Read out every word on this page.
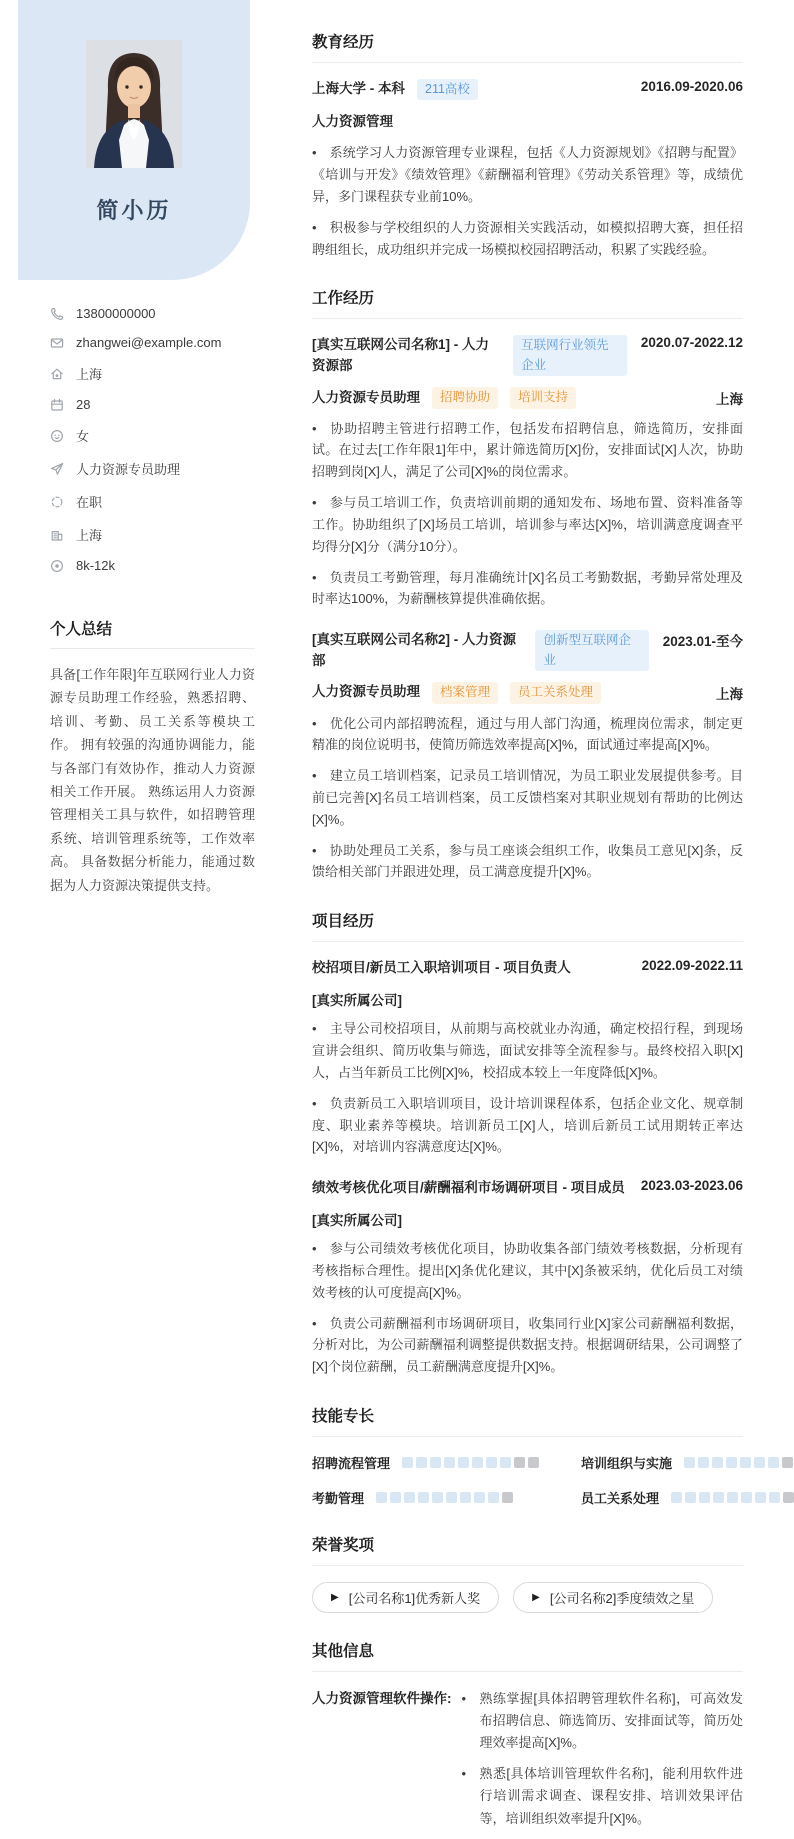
简小历
13800000000
zhangwei@example.com
上海
28
女
人力资源专员助理
在职
上海
8k-12k
个人总结

具备[工作年限]年互联网行业人力资源专员助理工作经验，熟悉招聘、培训、考勤、员工关系等模块工作。 拥有较强的沟通协调能力，能与各部门有效协作，推动人力资源相关工作开展。 熟练运用人力资源管理相关工具与软件，如招聘管理系统、培训管理系统等，工作效率高。 具备数据分析能力，能通过数据为人力资源决策提供支持。

教育经历
上海大学 - 本科	211高校	2016.09-2020.06
人力资源管理

• 系统学习人力资源管理专业课程，包括《人力资源规划》《招聘与配置》《培训与开发》《绩效管理》《薪酬福利管理》《劳动关系管理》等，成绩优异，多门课程获专业前10%。

• 积极参与学校组织的人力资源相关实践活动，如模拟招聘大赛，担任招聘组组长，成功组织并完成一场模拟校园招聘活动，积累了实践经验。

工作经历
[真实互联网公司名称1] - 人力资源部
互联网行业领先企业
2020.07-2022.12
人力资源专员助理	招聘协助	培训支持	上海

• 协助招聘主管进行招聘工作，包括发布招聘信息，筛选简历，安排面试。在过去[工作年限1]年中，累计筛选简历[X]份，安排面试[X]人次，协助招聘到岗[X]人，满足了公司[X]%的岗位需求。

• 参与员工培训工作，负责培训前期的通知发布、场地布置、资料准备等工作。协助组织了[X]场员工培训，培训参与率达[X]%，培训满意度调查平均得分[X]分（满分10分）。

• 负责员工考勤管理，每月准确统计[X]名员工考勤数据，考勤异常处理及时率达100%，为薪酬核算提供准确依据。

[真实互联网公司名称2] - 人力资源部
创新型互联网企业
2023.01-至今
人力资源专员助理	档案管理	员工关系处理	上海

• 优化公司内部招聘流程，通过与用人部门沟通，梳理岗位需求，制定更精准的岗位说明书，使简历筛选效率提高[X]%，面试通过率提高[X]%。

• 建立员工培训档案，记录员工培训情况，为员工职业发展提供参考。目前已完善[X]名员工培训档案，员工反馈档案对其职业规划有帮助的比例达[X]%。

• 协助处理员工关系，参与员工座谈会组织工作，收集员工意见[X]条，反馈给相关部门并跟进处理，员工满意度提升[X]%。

项目经历
校招项目/新员工入职培训项目 - 项目负责人	2022.09-2022.11
[真实所属公司]

• 主导公司校招项目，从前期与高校就业办沟通，确定校招行程，到现场宣讲会组织、简历收集与筛选，面试安排等全流程参与。最终校招入职[X]人，占当年新员工比例[X]%，校招成本较上一年度降低[X]%。

• 负责新员工入职培训项目，设计培训课程体系，包括企业文化、规章制度、职业素养等模块。培训新员工[X]人，培训后新员工试用期转正率达[X]%，对培训内容满意度达[X]%。

绩效考核优化项目/薪酬福利市场调研项目 - 项目成员	2023.03-2023.06
[真实所属公司]

• 参与公司绩效考核优化项目，协助收集各部门绩效考核数据，分析现有考核指标合理性。提出[X]条优化建议，其中[X]条被采纳，优化后员工对绩效考核的认可度提高[X]%。

• 负责公司薪酬福利市场调研项目，收集同行业[X]家公司薪酬福利数据，分析对比，为公司薪酬福利调整提供数据支持。根据调研结果，公司调整了[X]个岗位薪酬，员工薪酬满意度提升[X]%。

技能专长
招聘流程管理	培训组织与实施
考勤管理	员工关系处理
荣誉奖项
▶ [公司名称1]优秀新人奖	▶ [公司名称2]季度绩效之星
其他信息
人力资源管理软件操作: •	熟练掌握[具体招聘管理软件名称]，可高效发布招聘信息、筛选简历、安排面试等，简历处理效率提高[X]%。
•	熟悉[具体培训管理软件名称]，能利用软件进行培训需求调查、课程安排、培训效果评估等，培训组织效率提升[X]%。
